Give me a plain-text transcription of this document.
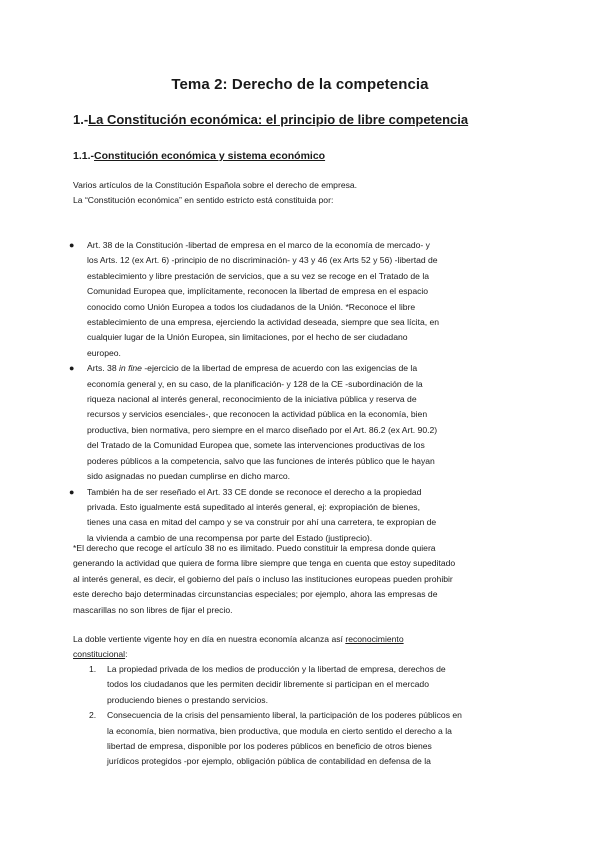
Tema 2: Derecho de la competencia
1.-La Constitución económica: el principio de libre competencia
1.1.-Constitución económica y sistema económico
Varios artículos de la Constitución Española sobre el derecho de empresa.
La “Constitución económica” en sentido estricto está constituida por:
● Art. 38 de la Constitución -libertad de empresa en el marco de la economía de mercado- y
los Arts. 12 (ex Art. 6) -principio de no discriminación- y 43 y 46 (ex Arts 52 y 56) -libertad de
establecimiento y libre prestación de servicios, que a su vez se recoge en el Tratado de la
Comunidad Europea que, implícitamente, reconocen la libertad de empresa en el espacio
conocido como Unión Europea a todos los ciudadanos de la Unión. *Reconoce el libre
establecimiento de una empresa, ejerciendo la actividad deseada, siempre que sea lícita, en
cualquier lugar de la Unión Europea, sin limitaciones, por el hecho de ser ciudadano
europeo.
● Arts. 38 in fine -ejercicio de la libertad de empresa de acuerdo con las exigencias de la
economía general y, en su caso, de la planificación- y 128 de la CE -subordinación de la
riqueza nacional al interés general, reconocimiento de la iniciativa pública y reserva de
recursos y servicios esenciales-, que reconocen la actividad pública en la economía, bien
productiva, bien normativa, pero siempre en el marco diseñado por el Art. 86.2 (ex Art. 90.2)
del Tratado de la Comunidad Europea que, somete las intervenciones productivas de los
poderes públicos a la competencia, salvo que las funciones de interés público que le hayan
sido asignadas no puedan cumplirse en dicho marco.
● También ha de ser reseñado el Art. 33 CE donde se reconoce el derecho a la propiedad
privada. Esto igualmente está supeditado al interés general, ej: expropiación de bienes,
tienes una casa en mitad del campo y se va construir por ahí una carretera, te expropian de
la vivienda a cambio de una recompensa por parte del Estado (justiprecio).
*El derecho que recoge el artículo 38 no es ilimitado. Puedo constituir la empresa donde quiera
generando la actividad que quiera de forma libre siempre que tenga en cuenta que estoy supeditado
al interés general, es decir, el gobierno del país o incluso las instituciones europeas pueden prohibir
este derecho bajo determinadas circunstancias especiales; por ejemplo, ahora las empresas de
mascarillas no son libres de fijar el precio.
La doble vertiente vigente hoy en día en nuestra economía alcanza así reconocimiento
constitucional:
1. La propiedad privada de los medios de producción y la libertad de empresa, derechos de
todos los ciudadanos que les permiten decidir libremente si participan en el mercado
produciendo bienes o prestando servicios.
2. Consecuencia de la crisis del pensamiento liberal, la participación de los poderes públicos en
la economía, bien normativa, bien productiva, que modula en cierto sentido el derecho a la
libertad de empresa, disponible por los poderes públicos en beneficio de otros bienes
jurídicos protegidos -por ejemplo, obligación pública de contabilidad en defensa de la
